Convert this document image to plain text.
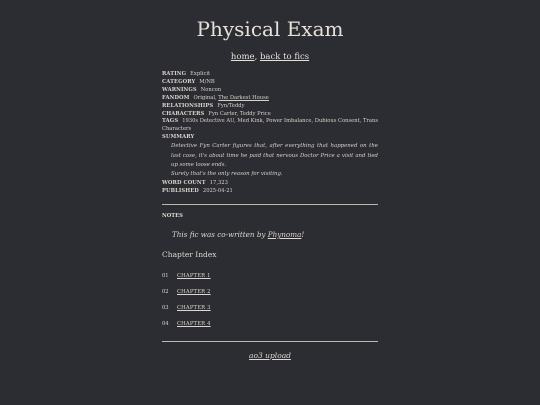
Physical Exam
home, back to fics
RATING Explicit
CATEGORY M/NB
WARNINGS Noncon
FANDOM Original, The Darkest House
RELATIONSHIPS Fyn/Teddy
CHARACTERS Fyn Carter, Teddy Price
TAGS 1930s Detective AU, Med Kink, Power Imbalance, Dubious Consent, Trans Characters
SUMMARY

Detective Fyn Carter figures that, after everything that happened on the last case, it's about time he paid that nervous Doctor Price a visit and tied up some loose ends.

Surely that's the only reason for visiting.

WORD COUNT 17,323
PUBLISHED 2025-04-21
NOTES
This fic was co-written by Phynoma!
Chapter Index
01	CHAPTER 1
02	CHAPTER 2
03	CHAPTER 3
04	CHAPTER 4
ao3 upload
